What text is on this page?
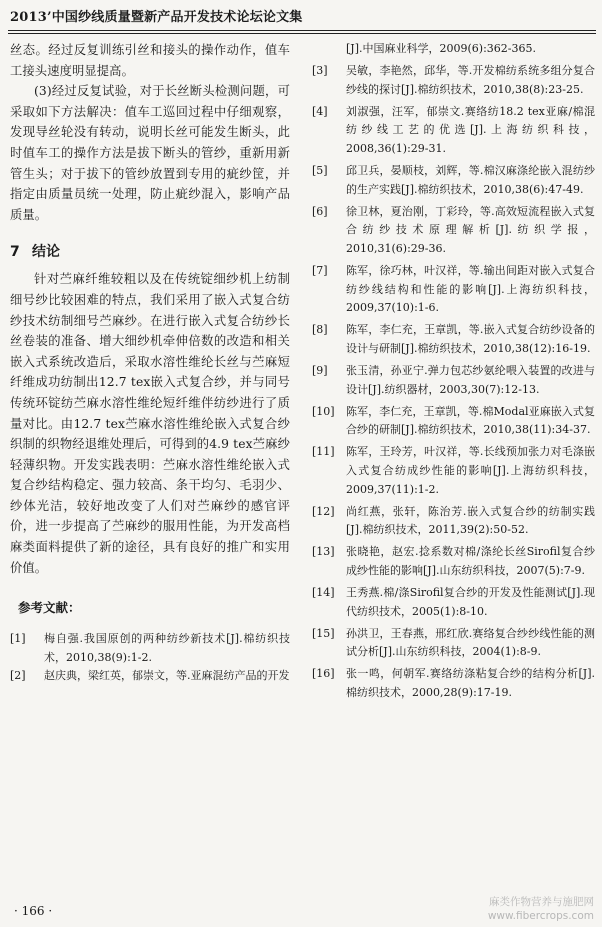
2013’中国纱线质量暨新产品开发技术论坛论文集

丝态。经过反复训练引丝和接头的操作动作，值车工接头速度明显提高。

(3)经过反复试验，对于长丝断头检测问题，可采取如下方法解决：值车工巡回过程中仔细观察，发现导丝轮没有转动，说明长丝可能发生断头，此时值车工的操作方法是拔下断头的管纱，重新用新管生头；对于拔下的管纱放置到专用的疵纱筐，并指定由质量员统一处理，防止疵纱混入，影响产品质量。

7 结论

针对苎麻纤维较粗以及在传统锭细纱机上纺制细号纱比较困难的特点，我们采用了嵌入式复合纺纱技术纺制细号苎麻纱。在进行嵌入式复合纺纱长丝卷装的准备、增大细纱机牵伸倍数的改造和相关嵌入式系统改造后，采取水溶性维纶长丝与苎麻短纤维成功纺制出12.7 tex嵌入式复合纱，并与同号传统环锭纺苎麻水溶性维纶短纤维伴纺纱进行了质量对比。由12.7 tex苎麻水溶性维纶嵌入式复合纱织制的织物经退维处理后，可得到的4.9 tex苎麻纱轻薄织物。开发实践表明：苎麻水溶性维纶嵌入式复合纱结构稳定、强力较高、条干均匀、毛羽少、纱体光洁，较好地改变了人们对苎麻纱的感官评价，进一步提高了苎麻纱的服用性能，为开发高档麻类面料提供了新的途径，具有良好的推广和实用价值。

参考文献：
[1]	梅自强.我国原创的两种纺纱新技术[J].棉纺织技术，2010,38(9):1-2.
[2]	赵庆典，梁红英，郁崇文，等.亚麻混纺产品的开发
[J].中国麻业科学，2009(6):362-365.
[3]	吴敏，李艳然，邱华，等.开发棉纺系统多组分复合纱线的探讨[J].棉纺织技术，2010,38(8):23-25.
[4]	刘淑强，汪军，郁崇文.赛络纺18.2 tex亚麻/棉混纺纱线工艺的优选[J].上海纺织科技，2008,36(1):29-31.
[5]	邱卫兵，晏顺枝，刘辉，等.棉汉麻涤纶嵌入混纺纱的生产实践[J].棉纺织技术，2010,38(6):47-49.
[6]	徐卫林，夏治刚，丁彩玲，等.高效短流程嵌入式复合纺纱技术原理解析[J].纺织学报，2010,31(6):29-36.
[7]	陈军，徐巧林，叶汉祥，等.输出间距对嵌入式复合纺纱线结构和性能的影响[J].上海纺织科技，2009,37(10):1-6.
[8]	陈军，李仁充，王章凯，等.嵌入式复合纺纱设备的设计与研制[J].棉纺织技术，2010,38(12):16-19.
[9]	张玉清，孙亚宁.弹力包芯纱氨纶喂入装置的改进与设计[J].纺织器材，2003,30(7):12-13.
[10]	陈军，李仁充，王章凯，等.棉Modal亚麻嵌入式复合纱的研制[J].棉纺织技术，2010,38(11):34-37.
[11]	陈军，王玲芳，叶汉祥，等.长线预加张力对毛涤嵌入式复合纺成纱性能的影响[J].上海纺织科技，2009,37(11):1-2.
[12]	尚红燕，张轩，陈治芳.嵌入式复合纱的纺制实践[J].棉纺织技术，2011,39(2):50-52.
[13]	张晓艳，赵宏.捻系数对棉/涤纶长丝Sirofil复合纱成纱性能的影响[J].山东纺织科技，2007(5):7-9.
[14]	王秀燕.棉/涤Sirofil复合纱的开发及性能测试[J].现代纺织技术，2005(1):8-10.
[15]	孙洪卫，王春燕，邢红欣.赛络复合纱纱线性能的测试分析[J].山东纺织科技，2004(1):8-9.
[16]	张一鸣，何朝军.赛络纺涤粘复合纱的结构分析[J].棉纺织技术，2000,28(9):17-19.
· 166 ·
麻类作物营养与施肥网
www.fibercrops.com
